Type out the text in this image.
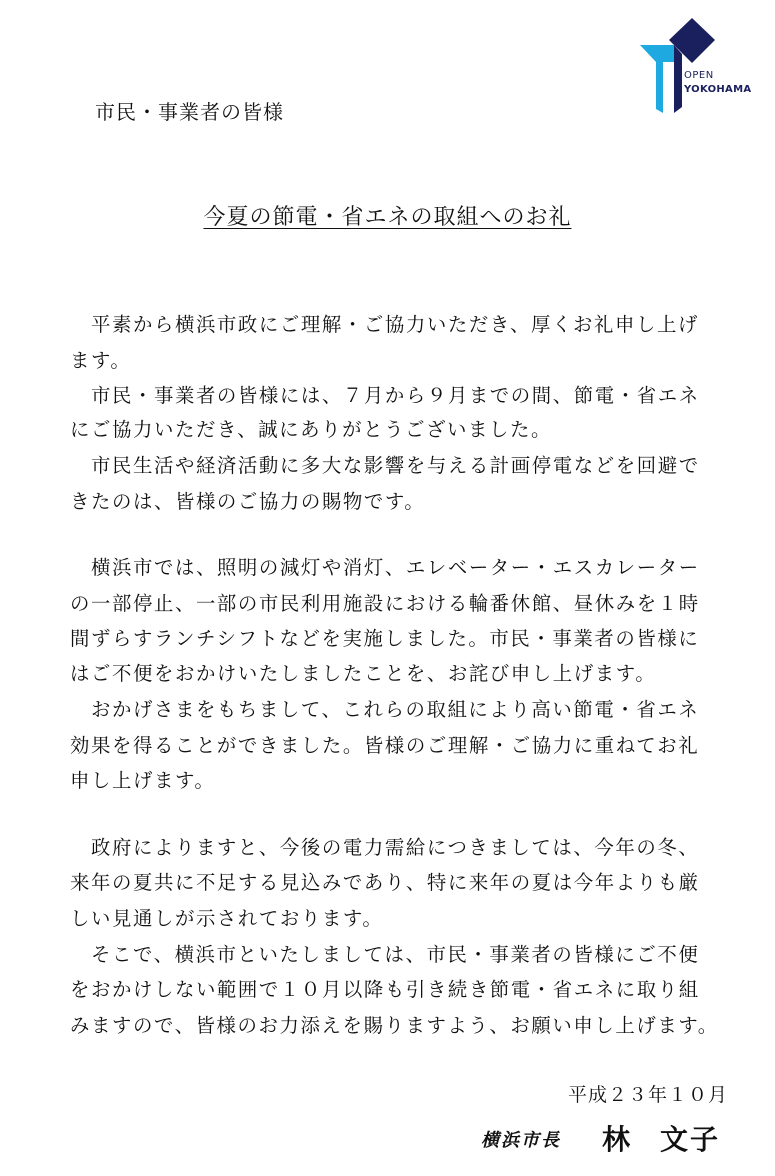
OPEN
YOKOHAMA
市民・事業者の皆様
今夏の節電・省エネの取組へのお礼
　平素から横浜市政にご理解・ご協力いただき、厚くお礼申し上げ
ます。
　市民・事業者の皆様には、７月から９月までの間、節電・省エネ
にご協力いただき、誠にありがとうございました。
　市民生活や経済活動に多大な影響を与える計画停電などを回避で
きたのは、皆様のご協力の賜物です。
　横浜市では、照明の減灯や消灯、エレベーター・エスカレーター
の一部停止、一部の市民利用施設における輪番休館、昼休みを１時
間ずらすランチシフトなどを実施しました。市民・事業者の皆様に
はご不便をおかけいたしましたことを、お詫び申し上げます。
　おかげさまをもちまして、これらの取組により高い節電・省エネ
効果を得ることができました。皆様のご理解・ご協力に重ねてお礼
申し上げます。
　政府によりますと、今後の電力需給につきましては、今年の冬、
来年の夏共に不足する見込みであり、特に来年の夏は今年よりも厳
しい見通しが示されております。
　そこで、横浜市といたしましては、市民・事業者の皆様にご不便
をおかけしない範囲で１０月以降も引き続き節電・省エネに取り組
みますので、皆様のお力添えを賜りますよう、お願い申し上げます。
平成２３年１０月
横浜市長 林 文子
